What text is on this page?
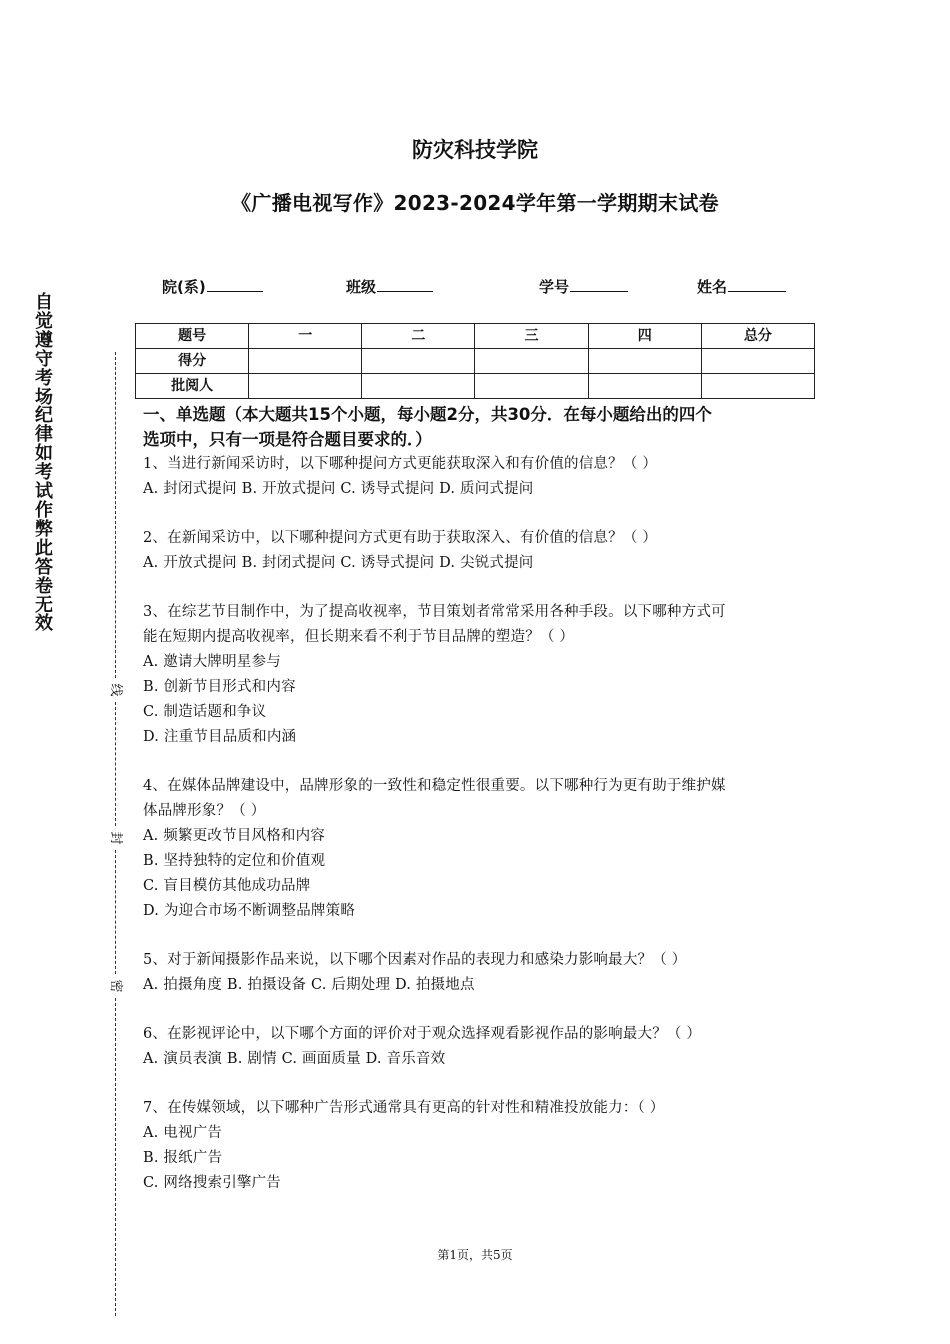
防灾科技学院
《广播电视写作》2023-2024学年第一学期期末试卷
院(系)	班级	学号	姓名
题号	一	二	三	四	总分
得分					
批阅人					
自
觉
遵
守
考
场
纪
律
如
考
试
作
弊
此
答
卷
无
效
线
封
密

一、单选题（本大题共15个小题，每小题2分，共30分．在每小题给出的四个

选项中，只有一项是符合题目要求的．）

1、当进行新闻采访时，以下哪种提问方式更能获取深入和有价值的信息？（ ）

A. 封闭式提问 B. 开放式提问 C. 诱导式提问 D. 质问式提问

2、在新闻采访中，以下哪种提问方式更有助于获取深入、有价值的信息？（ ）

A. 开放式提问 B. 封闭式提问 C. 诱导式提问 D. 尖锐式提问

3、在综艺节目制作中，为了提高收视率，节目策划者常常采用各种手段。以下哪种方式可

能在短期内提高收视率，但长期来看不利于节目品牌的塑造？（ ）

A. 邀请大牌明星参与

B. 创新节目形式和内容

C. 制造话题和争议

D. 注重节目品质和内涵

4、在媒体品牌建设中，品牌形象的一致性和稳定性很重要。以下哪种行为更有助于维护媒

体品牌形象？（ ）

A. 频繁更改节目风格和内容

B. 坚持独特的定位和价值观

C. 盲目模仿其他成功品牌

D. 为迎合市场不断调整品牌策略

5、对于新闻摄影作品来说，以下哪个因素对作品的表现力和感染力影响最大？（ ）

A. 拍摄角度 B. 拍摄设备 C. 后期处理 D. 拍摄地点

6、在影视评论中，以下哪个方面的评价对于观众选择观看影视作品的影响最大？（ ）

A. 演员表演 B. 剧情 C. 画面质量 D. 音乐音效

7、在传媒领域，以下哪种广告形式通常具有更高的针对性和精准投放能力：（ ）

A. 电视广告

B. 报纸广告

C. 网络搜索引擎广告

第1页，共5页
